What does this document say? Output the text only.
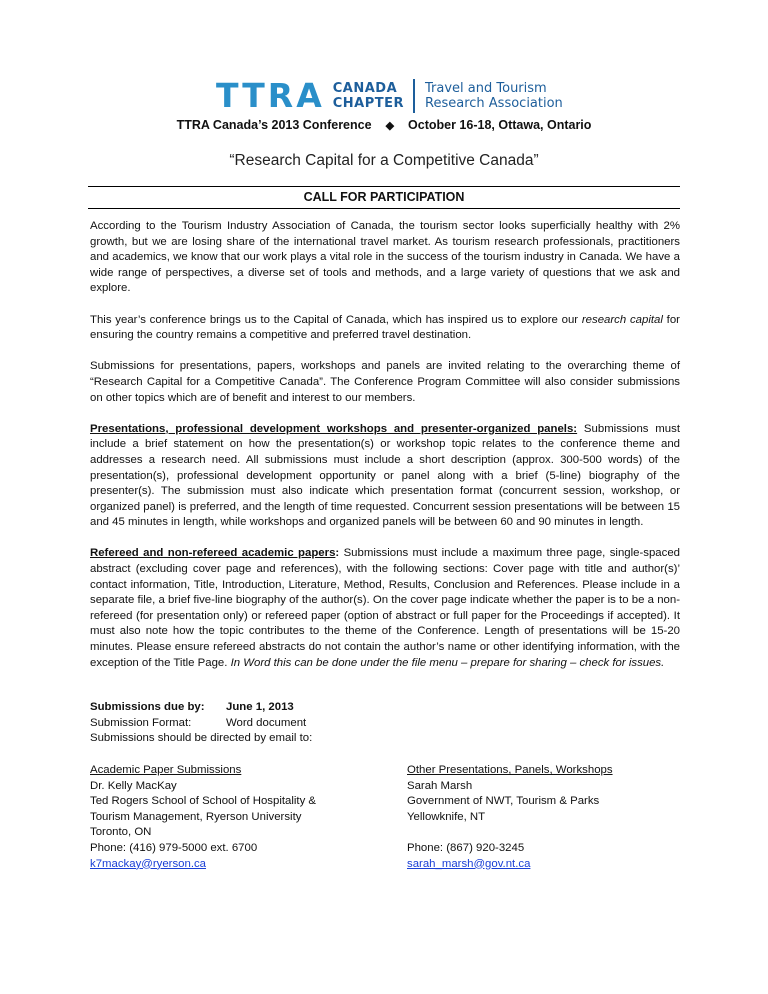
TTRA CANADA
CHAPTER
Travel and Tourism
Research Association
TTRA Canada’s 2013 Conference ◆ October 16-18, Ottawa, Ontario
“Research Capital for a Competitive Canada”
CALL FOR PARTICIPATION

According to the Tourism Industry Association of Canada, the tourism sector looks superficially healthy with 2% growth, but we are losing share of the international travel market. As tourism research professionals, practitioners and academics, we know that our work plays a vital role in the success of the tourism industry in Canada. We have a wide range of perspectives, a diverse set of tools and methods, and a large variety of questions that we ask and explore.

This year’s conference brings us to the Capital of Canada, which has inspired us to explore our research capital for ensuring the country remains a competitive and preferred travel destination.

Submissions for presentations, papers, workshops and panels are invited relating to the overarching theme of “Research Capital for a Competitive Canada”. The Conference Program Committee will also consider submissions on other topics which are of benefit and interest to our members.

Presentations, professional development workshops and presenter-organized panels: Submissions must include a brief statement on how the presentation(s) or workshop topic relates to the conference theme and addresses a research need. All submissions must include a short description (approx. 300-500 words) of the presentation(s), professional development opportunity or panel along with a brief (5-line) biography of the presenter(s). The submission must also indicate which presentation format (concurrent session, workshop, or organized panel) is preferred, and the length of time requested. Concurrent session presentations will be between 15 and 45 minutes in length, while workshops and organized panels will be between 60 and 90 minutes in length.

Refereed and non-refereed academic papers: Submissions must include a maximum three page, single-spaced abstract (excluding cover page and references), with the following sections: Cover page with title and author(s)’ contact information, Title, Introduction, Literature, Method, Results, Conclusion and References. Please include in a separate file, a brief five-line biography of the author(s). On the cover page indicate whether the paper is to be a non-refereed (for presentation only) or refereed paper (option of abstract or full paper for the Proceedings if accepted). It must also note how the topic contributes to the theme of the Conference. Length of presentations will be 15-20 minutes. Please ensure refereed abstracts do not contain the author’s name or other identifying information, with the exception of the Title Page. In Word this can be done under the file menu – prepare for sharing – check for issues.

Submissions due by:	June 1, 2013
Submission Format:	Word document
Submissions should be directed by email to:
Academic Paper Submissions
Dr. Kelly MacKay
Ted Rogers School of School of Hospitality &
Tourism Management, Ryerson University
Toronto, ON
Phone: (416) 979-5000 ext. 6700
k7mackay@ryerson.ca
Other Presentations, Panels, Workshops
Sarah Marsh
Government of NWT, Tourism & Parks
Yellowknife, NT
Phone: (867) 920-3245
sarah_marsh@gov.nt.ca
